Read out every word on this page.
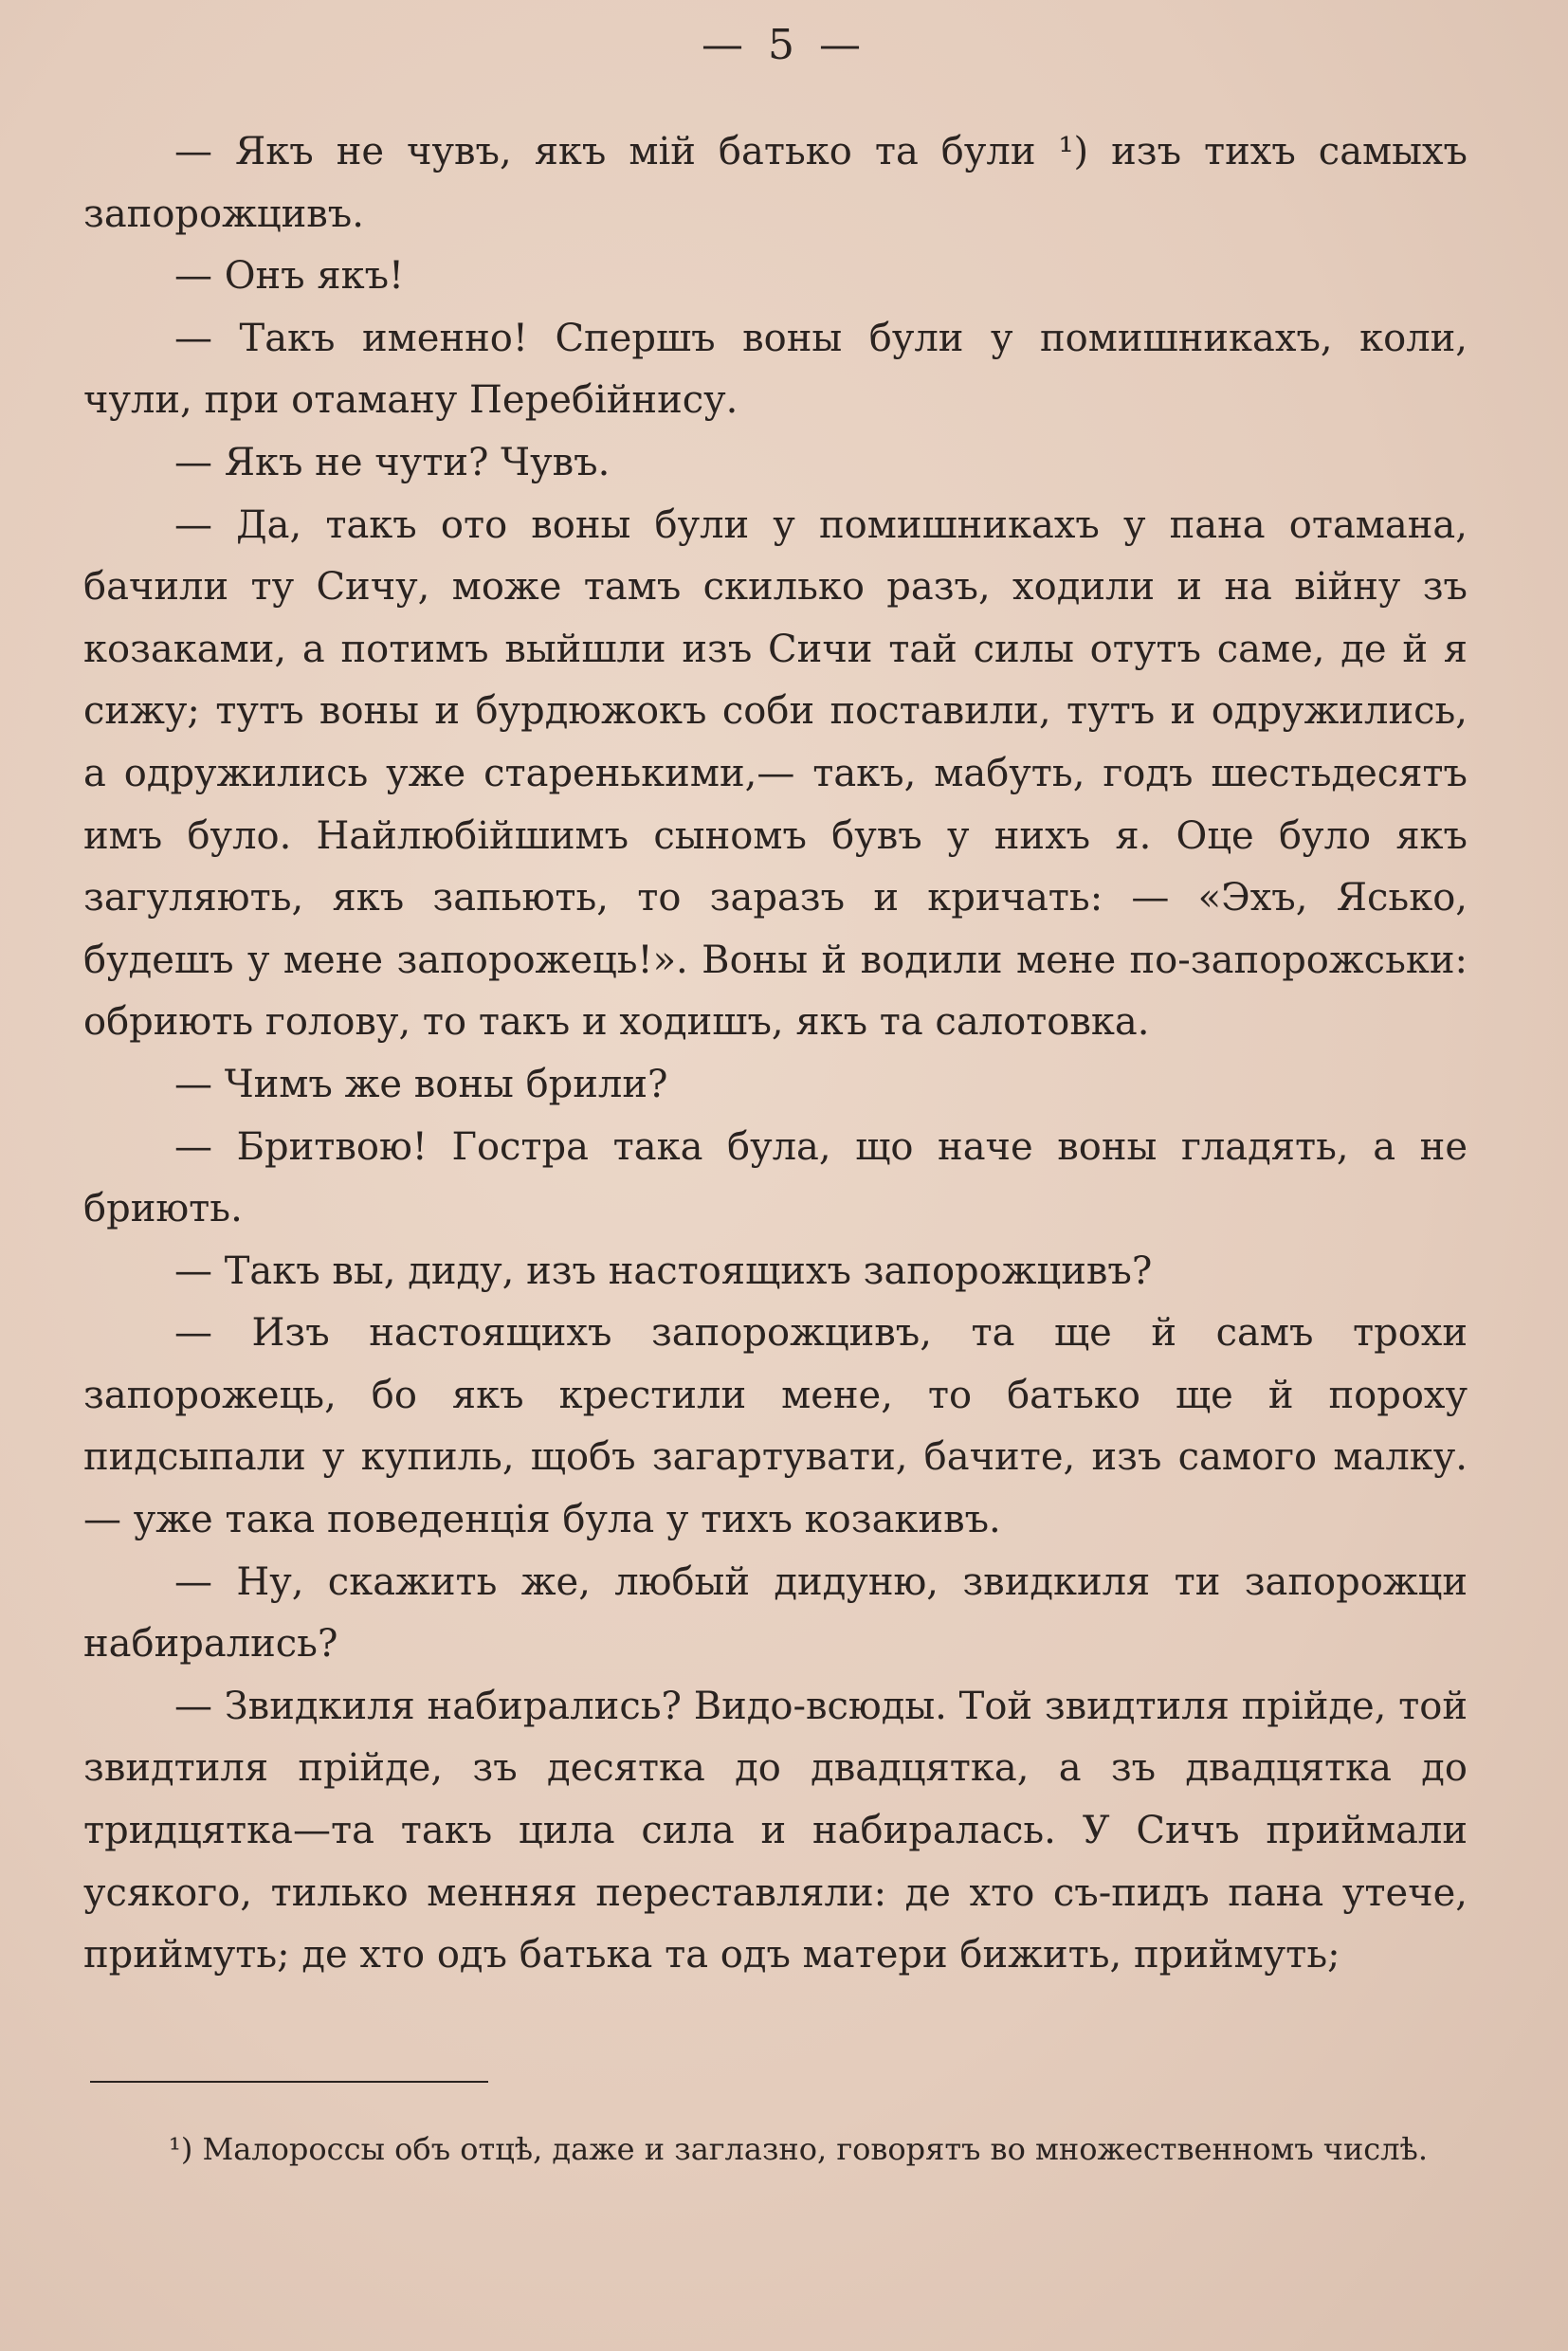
— 5 —

— Якъ не чувъ, якъ мій батько та були ¹) изъ тихъ самыхъ запорожцивъ.

— Онъ якъ!

— Такъ именно! Спершъ воны були у помишникахъ, коли, чули, при отаману Перебійнису.

— Якъ не чути? Чувъ.

— Да, такъ ото воны були у помишникахъ у пана отамана, бачили ту Сичу, може тамъ скилько разъ, ходили и на війну зъ козаками, а потимъ выйшли изъ Сичи тай силы отутъ саме, де й я сижу; тутъ воны и бурдюжокъ соби поставили, тутъ и одружились, а одружились уже старенькими,— такъ, мабуть, годъ шестьдесятъ имъ було. Найлюбійшимъ сыномъ бувъ у нихъ я. Оце було якъ загуляють, якъ запьють, то заразъ и кричать: — «Эхъ, Ясько, будешъ у мене запорожець!». Воны й водили мене по-запорожськи: обриють голову, то такъ и ходишъ, якъ та салотовка.

— Чимъ же воны брили?

— Бритвою! Гостра така була, що наче воны гладять, а не бриють.

— Такъ вы, диду, изъ настоящихъ запорожцивъ?

— Изъ настоящихъ запорожцивъ, та ще й самъ трохи запорожець, бо якъ крестили мене, то батько ще й пороху пидсыпали у купиль, щобъ загартувати, бачите, изъ самого малку.— уже така поведенція була у тихъ козакивъ.

— Ну, скажить же, любый дидуню, звидкиля ти запорожци набирались?

— Звидкиля набирались? Видо-всюды. Той звидтиля прійде, той звидтиля прійде, зъ десятка до двадцятка, а зъ двадцятка до тридцятка—та такъ цила сила и набиралась. У Сичъ приймали усякого, тилько менняя переставляли: де хто съ-пидъ пана утече, приймуть; де хто одъ батька та одъ матери бижить, приймуть;

¹) Малороссы объ отцѣ, даже и заглазно, говорятъ во множественномъ числѣ.
